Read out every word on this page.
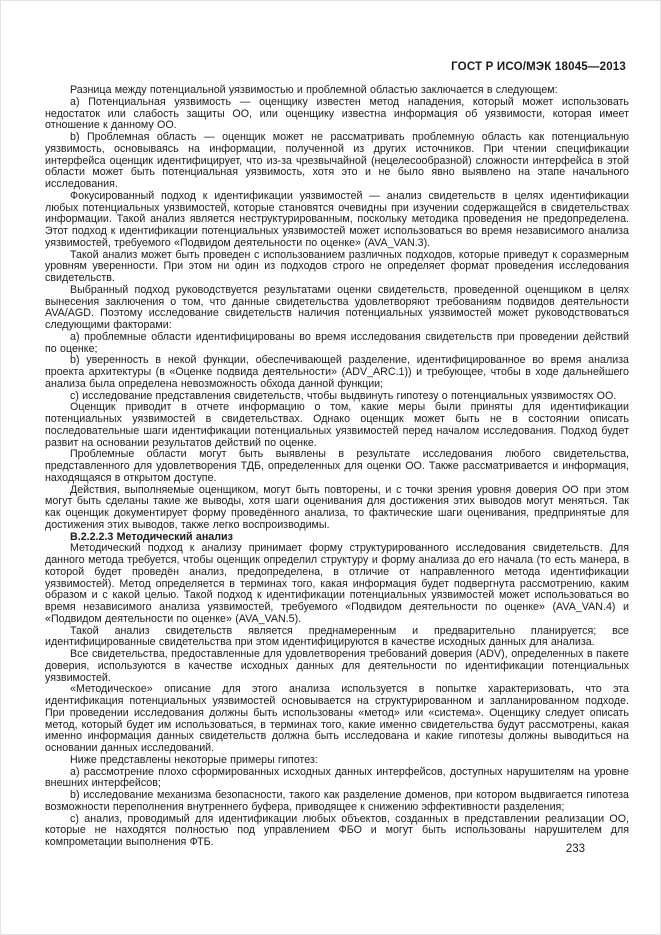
ГОСТ Р ИСО/МЭК 18045—2013

Разница между потенциальной уязвимостью и проблемной областью заключается в следующем:

а) Потенциальная уязвимость — оценщику известен метод нападения, который может использовать недостаток или слабость защиты ОО, или оценщику известна информация об уязвимости, которая имеет отношение к данному ОО.

b) Проблемная область — оценщик может не рассматривать проблемную область как потенциальную уязвимость, основываясь на информации, полученной из других источников. При чтении спецификации интерфейса оценщик идентифицирует, что из-за чрезвычайной (нецелесообразной) сложности интерфейса в этой области может быть потенциальная уязвимость, хотя это и не было явно выявлено на этапе начального исследования.

Фокусированный подход к идентификации уязвимостей — анализ свидетельств в целях идентификации любых потенциальных уязвимостей, которые становятся очевидны при изучении содержащейся в свидетельствах информации. Такой анализ является неструктурированным, поскольку методика проведения не предопределена. Этот подход к идентификации потенциальных уязвимостей может использоваться во время независимого анализа уязвимостей, требуемого «Подвидом деятельности по оценке» (AVA_VAN.3).

Такой анализ может быть проведен с использованием различных подходов, которые приведут к соразмерным уровням уверенности. При этом ни один из подходов строго не определяет формат проведения исследования свидетельств.

Выбранный подход руководствуется результатами оценки свидетельств, проведенной оценщиком в целях вынесения заключения о том, что данные свидетельства удовлетворяют требованиям подвидов деятельности AVA/AGD. Поэтому исследование свидетельств наличия потенциальных уязвимостей может руководствоваться следующими факторами:

а) проблемные области идентифицированы во время исследования свидетельств при проведении действий по оценке;

b) уверенность в некой функции, обеспечивающей разделение, идентифицированное во время анализа проекта архитектуры (в «Оценке подвида деятельности» (ADV_ARC.1)) и требующее, чтобы в ходе дальнейшего анализа была определена невозможность обхода данной функции;

с) исследование представления свидетельств, чтобы выдвинуть гипотезу о потенциальных уязвимостях ОО.

Оценщик приводит в отчете информацию о том, какие меры были приняты для идентификации потенциальных уязвимостей в свидетельствах. Однако оценщик может быть не в состоянии описать последовательные шаги идентификации потенциальных уязвимостей перед началом исследования. Подход будет развит на основании результатов действий по оценке.

Проблемные области могут быть выявлены в результате исследования любого свидетельства, представленного для удовлетворения ТДБ, определенных для оценки ОО. Также рассматривается и информация, находящаяся в открытом доступе.

Действия, выполняемые оценщиком, могут быть повторены, и с точки зрения уровня доверия ОО при этом могут быть сделаны такие же выводы, хотя шаги оценивания для достижения этих выводов могут меняться. Так как оценщик документирует форму проведённого анализа, то фактические шаги оценивания, предпринятые для достижения этих выводов, также легко воспроизводимы.

В.2.2.2.3 Методический анализ

Методический подход к анализу принимает форму структурированного исследования свидетельств. Для данного метода требуется, чтобы оценщик определил структуру и форму анализа до его начала (то есть манера, в которой будет проведён анализ, предопределена, в отличие от направленного метода идентификации уязвимостей). Метод определяется в терминах того, какая информация будет подвергнута рассмотрению, каким образом и с какой целью. Такой подход к идентификации потенциальных уязвимостей может использоваться во время независимого анализа уязвимостей, требуемого «Подвидом деятельности по оценке» (AVA_VAN.4) и «Подвидом деятельности по оценке» (AVA_VAN.5).

Такой анализ свидетельств является преднамеренным и предварительно планируется; все идентифицированные свидетельства при этом идентифицируются в качестве исходных данных для анализа.

Все свидетельства, предоставленные для удовлетворения требований доверия (ADV), определенных в пакете доверия, используются в качестве исходных данных для деятельности по идентификации потенциальных уязвимостей.

«Методическое» описание для этого анализа используется в попытке характеризовать, что эта идентификация потенциальных уязвимостей основывается на структурированном и запланированном подходе. При проведении исследования должны быть использованы «метод» или «система». Оценщику следует описать метод, который будет им использоваться, в терминах того, какие именно свидетельства будут рассмотрены, какая именно информация данных свидетельств должна быть исследована и какие гипотезы должны выводиться на основании данных исследований.

Ниже представлены некоторые примеры гипотез:

а) рассмотрение плохо сформированных исходных данных интерфейсов, доступных нарушителям на уровне внешних интерфейсов;

b) исследование механизма безопасности, такого как разделение доменов, при котором выдвигается гипотеза возможности переполнения внутреннего буфера, приводящее к снижению эффективности разделения;

с) анализ, проводимый для идентификации любых объектов, созданных в представлении реализации ОО, которые не находятся полностью под управлением ФБО и могут быть использованы нарушителем для компрометации выполнения ФТБ.

233
